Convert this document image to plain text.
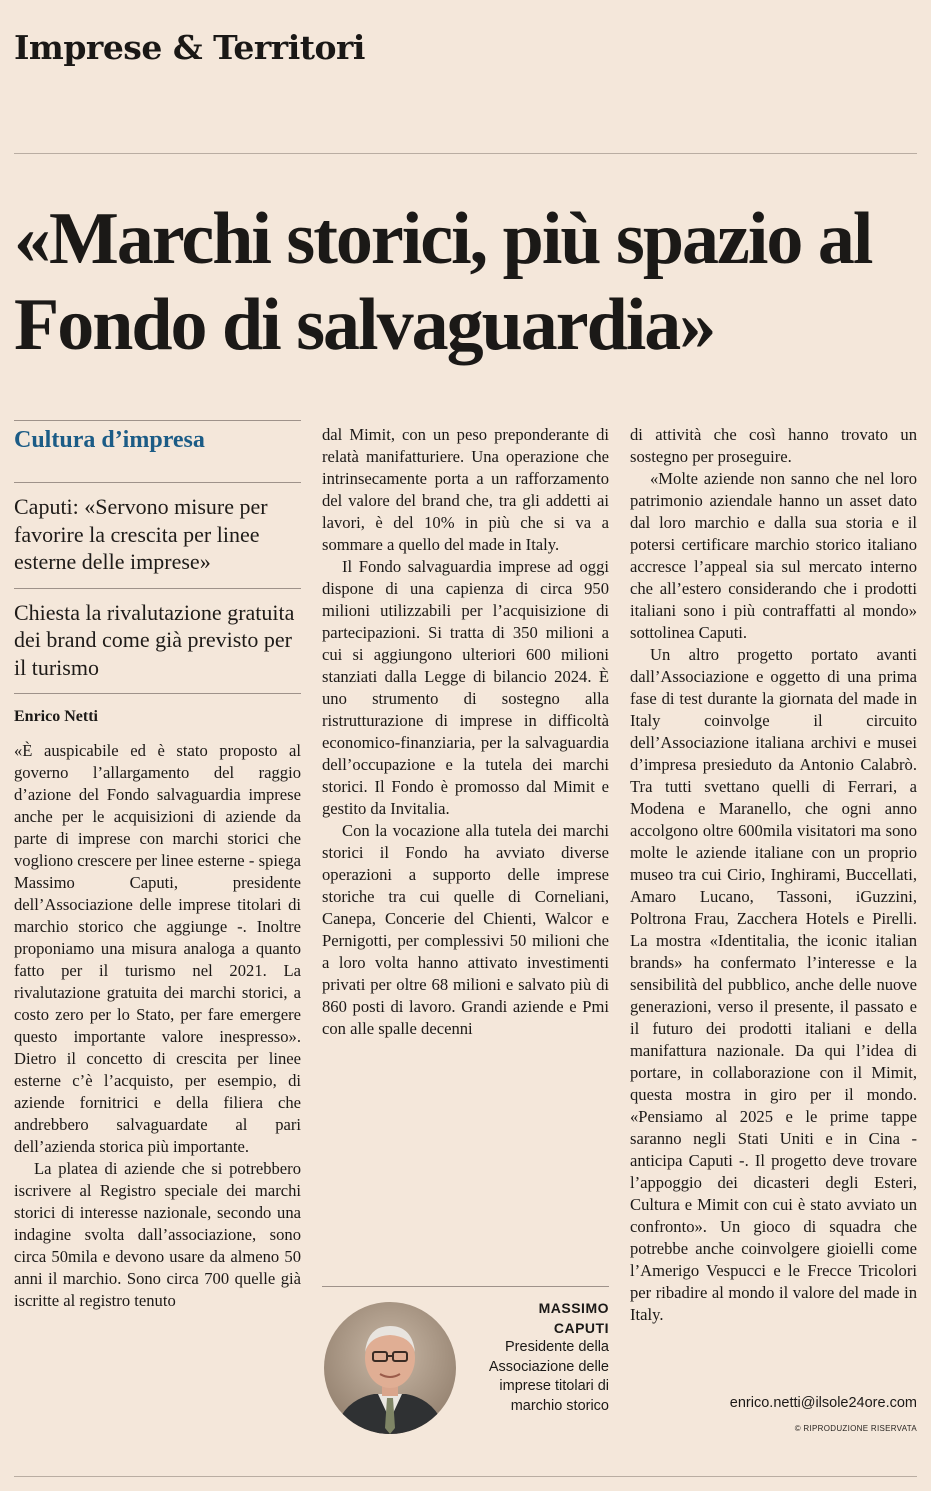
Imprese & Territori
«Marchi storici, più spazio al Fondo di salvaguardia»
Cultura d’impresa
Caputi: «Servono misure per favorire la crescita per linee esterne delle imprese»
Chiesta la rivalutazione gratuita dei brand come già previsto per il turismo
Enrico Netti

«È auspicabile ed è stato proposto al governo l’allargamento del raggio d’azione del Fondo salvaguardia imprese anche per le acquisizioni di aziende da parte di imprese con marchi storici che vogliono crescere per linee esterne - spiega Massimo Caputi, presidente dell’Associazione delle imprese titolari di marchio storico che aggiunge -. Inoltre proponiamo una misura analoga a quanto fatto per il turismo nel 2021. La rivalutazione gratuita dei marchi storici, a costo zero per lo Stato, per fare emergere questo importante valore inespresso». Dietro il concetto di crescita per linee esterne c’è l’acquisto, per esempio, di aziende fornitrici e della filiera che andrebbero salvaguardate al pari dell’azienda storica più importante.

La platea di aziende che si potrebbero iscrivere al Registro speciale dei marchi storici di interesse nazionale, secondo una indagine svolta dall’associazione, sono circa 50mila e devono usare da almeno 50 anni il marchio. Sono circa 700 quelle già iscritte al registro tenuto

dal Mimit, con un peso preponderante di relatà manifatturiere. Una operazione che intrinsecamente porta a un rafforzamento del valore del brand che, tra gli addetti ai lavori, è del 10% in più che si va a sommare a quello del made in Italy.

Il Fondo salvaguardia imprese ad oggi dispone di una capienza di circa 950 milioni utilizzabili per l’acquisizione di partecipazioni. Si tratta di 350 milioni a cui si aggiungono ulteriori 600 milioni stanziati dalla Legge di bilancio 2024. È uno strumento di sostegno alla ristrutturazione di imprese in difficoltà economico-finanziaria, per la salvaguardia dell’occupazione e la tutela dei marchi storici. Il Fondo è promosso dal Mimit e gestito da Invitalia.

Con la vocazione alla tutela dei marchi storici il Fondo ha avviato diverse operazioni a supporto delle imprese storiche tra cui quelle di Corneliani, Canepa, Concerie del Chienti, Walcor e Pernigotti, per complessivi 50 milioni che a loro volta hanno attivato investimenti privati per oltre 68 milioni e salvato più di 860 posti di lavoro. Grandi aziende e Pmi con alle spalle decenni

MASSIMO
CAPUTI
Presidente della Associazione delle imprese titolari di marchio storico

di attività che così hanno trovato un sostegno per proseguire.

«Molte aziende non sanno che nel loro patrimonio aziendale hanno un asset dato dal loro marchio e dalla sua storia e il potersi certificare marchio storico italiano accresce l’appeal sia sul mercato interno che all’estero considerando che i prodotti italiani sono i più contraffatti al mondo» sottolinea Caputi.

Un altro progetto portato avanti dall’Associazione e oggetto di una prima fase di test durante la giornata del made in Italy coinvolge il circuito dell’Associazione italiana archivi e musei d’impresa presieduto da Antonio Calabrò. Tra tutti svettano quelli di Ferrari, a Modena e Maranello, che ogni anno accolgono oltre 600mila visitatori ma sono molte le aziende italiane con un proprio museo tra cui Cirio, Inghirami, Buccellati, Amaro Lucano, Tassoni, iGuzzini, Poltrona Frau, Zacchera Hotels e Pirelli. La mostra «Identitalia, the iconic italian brands» ha confermato l’interesse e la sensibilità del pubblico, anche delle nuove generazioni, verso il presente, il passato e il futuro dei prodotti italiani e della manifattura nazionale. Da qui l’idea di portare, in collaborazione con il Mimit, questa mostra in giro per il mondo. «Pensiamo al 2025 e le prime tappe saranno negli Stati Uniti e in Cina - anticipa Caputi -. Il progetto deve trovare l’appoggio dei dicasteri degli Esteri, Cultura e Mimit con cui è stato avviato un confronto». Un gioco di squadra che potrebbe anche coinvolgere gioielli come l’Amerigo Vespucci e le Frecce Tricolori per ribadire al mondo il valore del made in Italy.

enrico.netti@ilsole24ore.com
© RIPRODUZIONE RISERVATA
